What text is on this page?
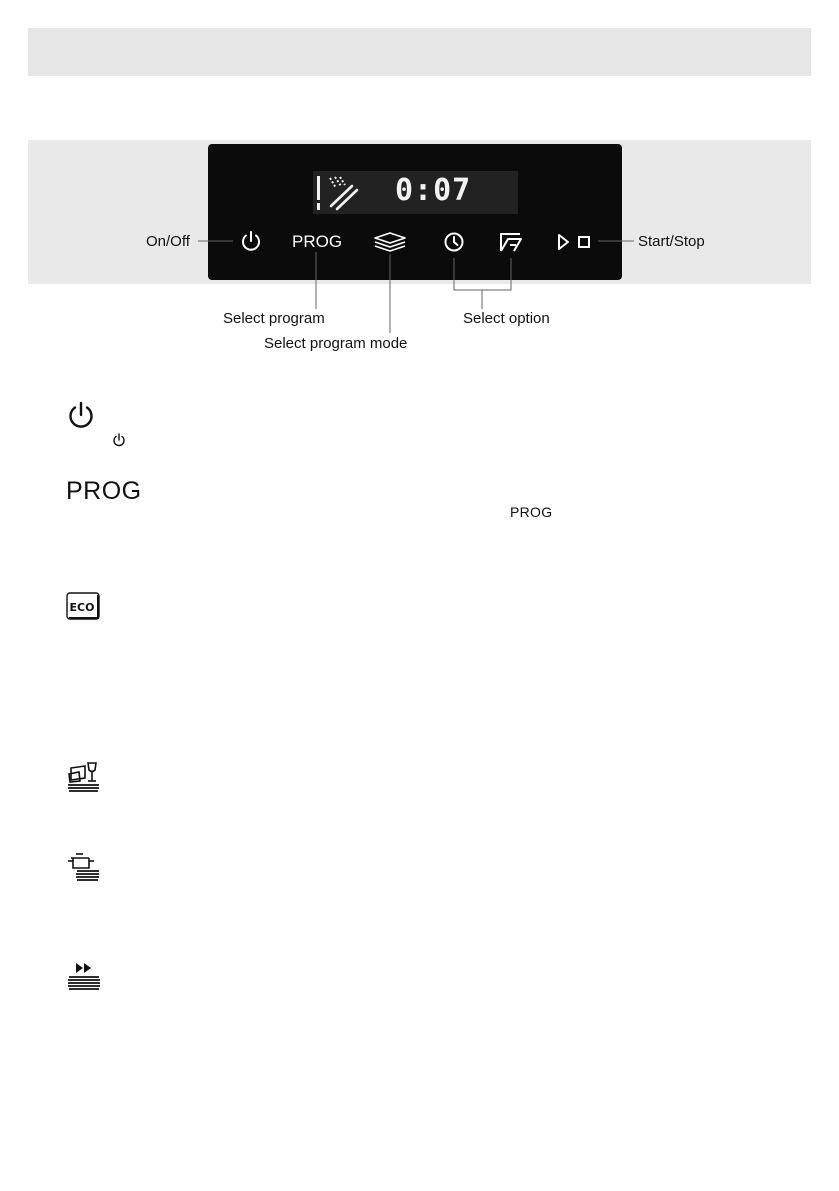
0:07
PROG
On/Off	Start/Stop
Select program
Select program mode
Select option
PROG
PROG
ECO
